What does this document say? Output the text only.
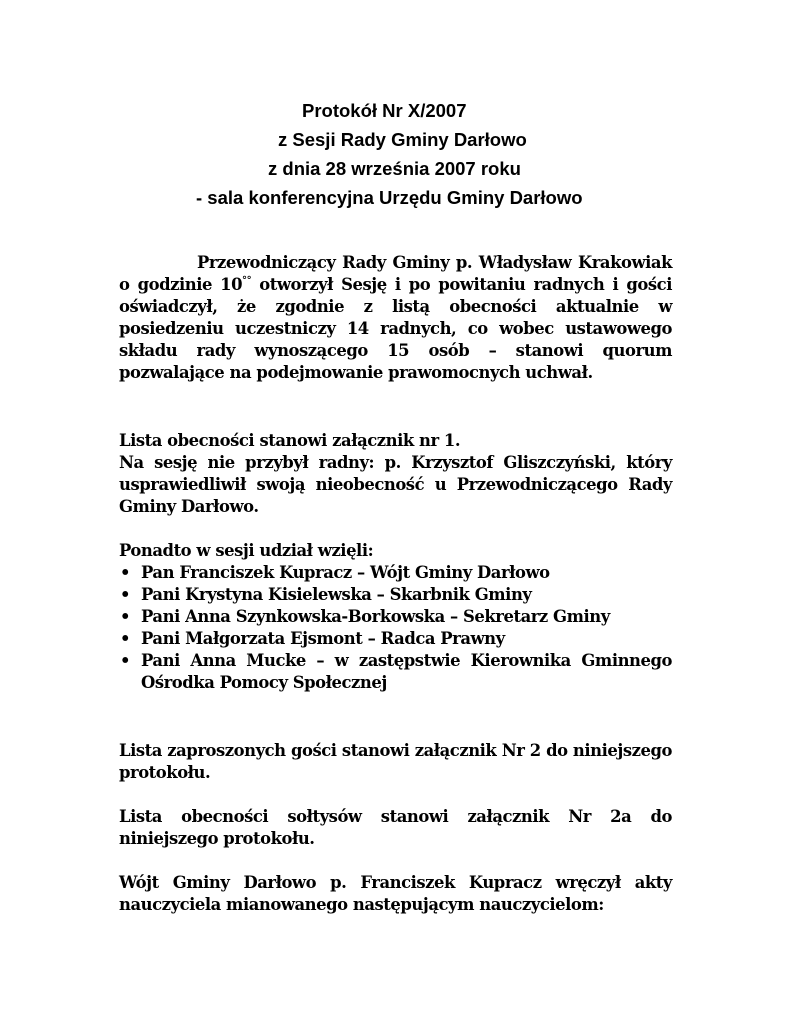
Protokół Nr X/2007
z Sesji Rady Gminy Darłowo
z dnia 28 września 2007 roku
- sala konferencyjna Urzędu Gminy Darłowo

Przewodniczący Rady Gminy p. Władysław Krakowiak o godzinie 10°° otworzył Sesję i po powitaniu radnych i gości oświadczył, że zgodnie z listą obecności aktualnie w posiedzeniu uczestniczy 14 radnych, co wobec ustawowego składu rady wynoszącego 15 osób – stanowi quorum pozwalające na podejmowanie prawomocnych uchwał.

Lista obecności stanowi załącznik nr 1.

Na sesję nie przybył radny: p. Krzysztof Gliszczyński, który usprawiedliwił swoją nieobecność u Przewodniczącego Rady Gminy Darłowo.

Ponadto w sesji udział wzięli:

• Pan Franciszek Kupracz – Wójt Gminy Darłowo
• Pani Krystyna Kisielewska – Skarbnik Gminy
• Pani Anna Szynkowska-Borkowska – Sekretarz Gminy
• Pani Małgorzata Ejsmont – Radca Prawny
• Pani Anna Mucke – w zastępstwie Kierownika Gminnego Ośrodka Pomocy Społecznej

Lista zaproszonych gości stanowi załącznik Nr 2 do niniejszego protokołu.

Lista obecności sołtysów stanowi załącznik Nr 2a do niniejszego protokołu.

Wójt Gminy Darłowo p. Franciszek Kupracz wręczył akty nauczyciela mianowanego następującym nauczycielom:
